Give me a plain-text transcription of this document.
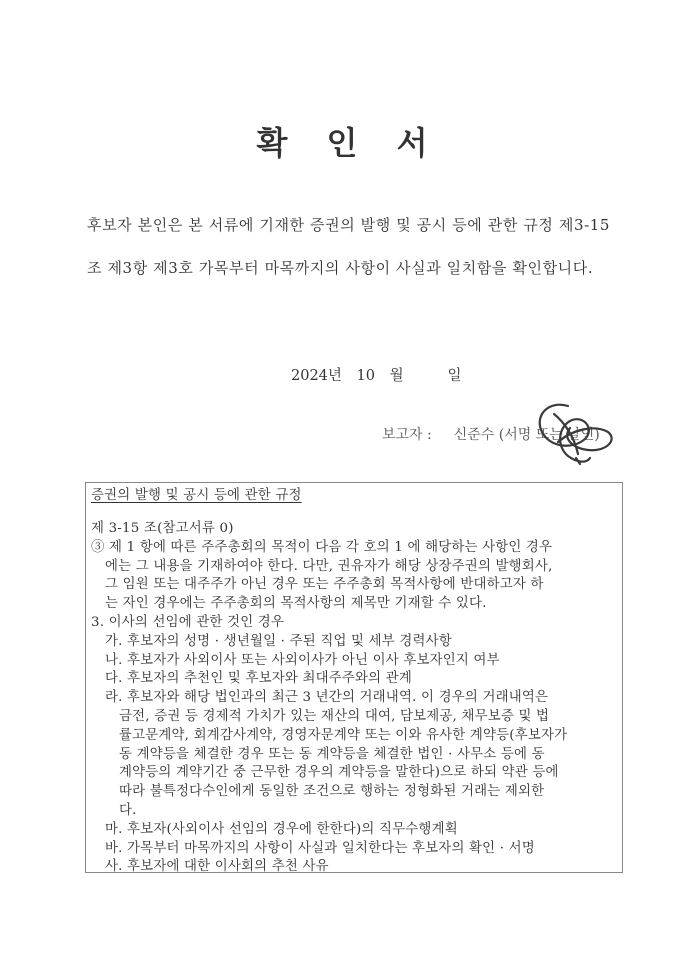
확 인 서
후보자 본인은 본 서류에 기재한 증권의 발행 및 공시 등에 관한 규정 제3-15
조 제3항 제3호 가목부터 마목까지의 사항이 사실과 일치함을 확인합니다.
2024년 10 월	일
보고자 : 신준수 (서명 또는 날인)
증권의 발행 및 공시 등에 관한 규정
제 3-15 조(참고서류 0)
③ 제 1 항에 따른 주주총회의 목적이 다음 각 호의 1 에 해당하는 사항인 경우
에는 그 내용을 기재하여야 한다. 다만, 권유자가 해당 상장주권의 발행회사,
그 임원 또는 대주주가 아닌 경우 또는 주주총회 목적사항에 반대하고자 하
는 자인 경우에는 주주총회의 목적사항의 제목만 기재할 수 있다.
3. 이사의 선임에 관한 것인 경우
가. 후보자의 성명 · 생년월일 · 주된 직업 및 세부 경력사항
나. 후보자가 사외이사 또는 사외이사가 아닌 이사 후보자인지 여부
다. 후보자의 추천인 및 후보자와 최대주주와의 관계
라. 후보자와 해당 법인과의 최근 3 년간의 거래내역. 이 경우의 거래내역은
금전, 증권 등 경제적 가치가 있는 재산의 대여, 담보제공, 채무보증 및 법
률고문계약, 회계감사계약, 경영자문계약 또는 이와 유사한 계약등(후보자가
동 계약등을 체결한 경우 또는 동 계약등을 체결한 법인 · 사무소 등에 동
계약등의 계약기간 중 근무한 경우의 계약등을 말한다)으로 하되 약관 등에
따라 불특정다수인에게 동일한 조건으로 행하는 정형화된 거래는 제외한
다.
마. 후보자(사외이사 선임의 경우에 한한다)의 직무수행계획
바. 가목부터 마목까지의 사항이 사실과 일치한다는 후보자의 확인 · 서명
사. 후보자에 대한 이사회의 추천 사유
